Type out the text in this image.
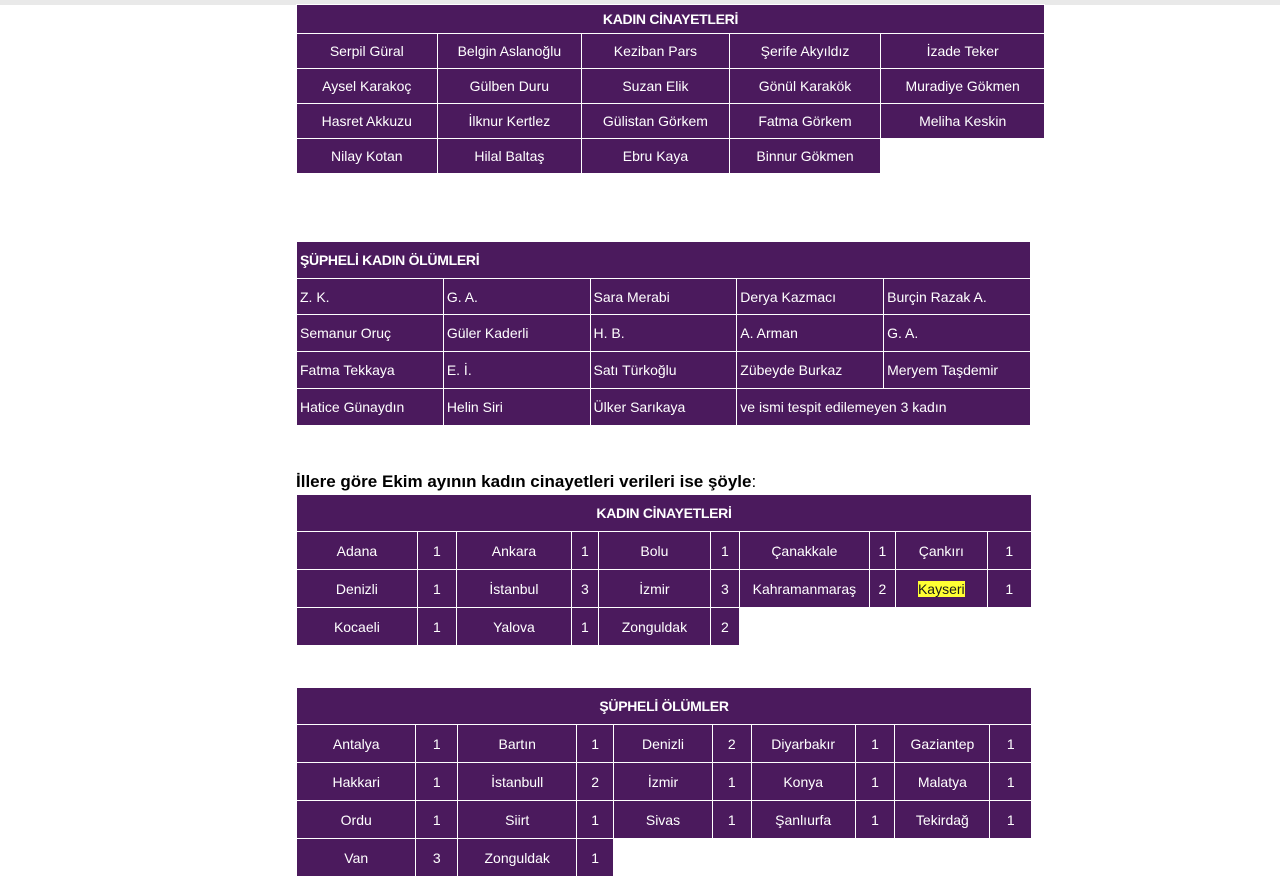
KADIN CİNAYETLERİ				
Serpil Güral	Belgin Aslanoğlu	Keziban Pars	Şerife Akyıldız	İzade Teker
Aysel Karakoç	Gülben Duru	Suzan Elik	Gönül Karakök	Muradiye Gökmen
Hasret Akkuzu	İlknur Kertlez	Gülistan Görkem	Fatma Görkem	Meliha Keskin
Nilay Kotan	Hilal Baltaş	Ebru Kaya	Binnur Gökmen	
ŞÜPHELİ KADIN ÖLÜMLERİ				
Z. K.	G. A.	Sara Merabi	Derya Kazmacı	Burçin Razak A.
Semanur Oruç	Güler Kaderli	H. B.	A. Arman	G. A.
Fatma Tekkaya	E. İ.	Satı Türkoğlu	Zübeyde Burkaz	Meryem Taşdemir
Hatice Günaydın	Helin Siri	Ülker Sarıkaya	ve ismi tespit edilemeyen 3 kadın	
İllere göre Ekim ayının kadın cinayetleri verileri ise şöyle:
KADIN CİNAYETLERİ									
Adana	1	Ankara	1	Bolu	1	Çanakkale	1	Çankırı	1
Denizli	1	İstanbul	3	İzmir	3	Kahramanmaraş	2	Kayseri	1
Kocaeli	1	Yalova	1	Zonguldak	2				
ŞÜPHELİ ÖLÜMLER									
Antalya	1	Bartın	1	Denizli	2	Diyarbakır	1	Gaziantep	1
Hakkari	1	İstanbull	2	İzmir	1	Konya	1	Malatya	1
Ordu	1	Siirt	1	Sivas	1	Şanlıurfa	1	Tekirdağ	1
Van	3	Zonguldak	1						
